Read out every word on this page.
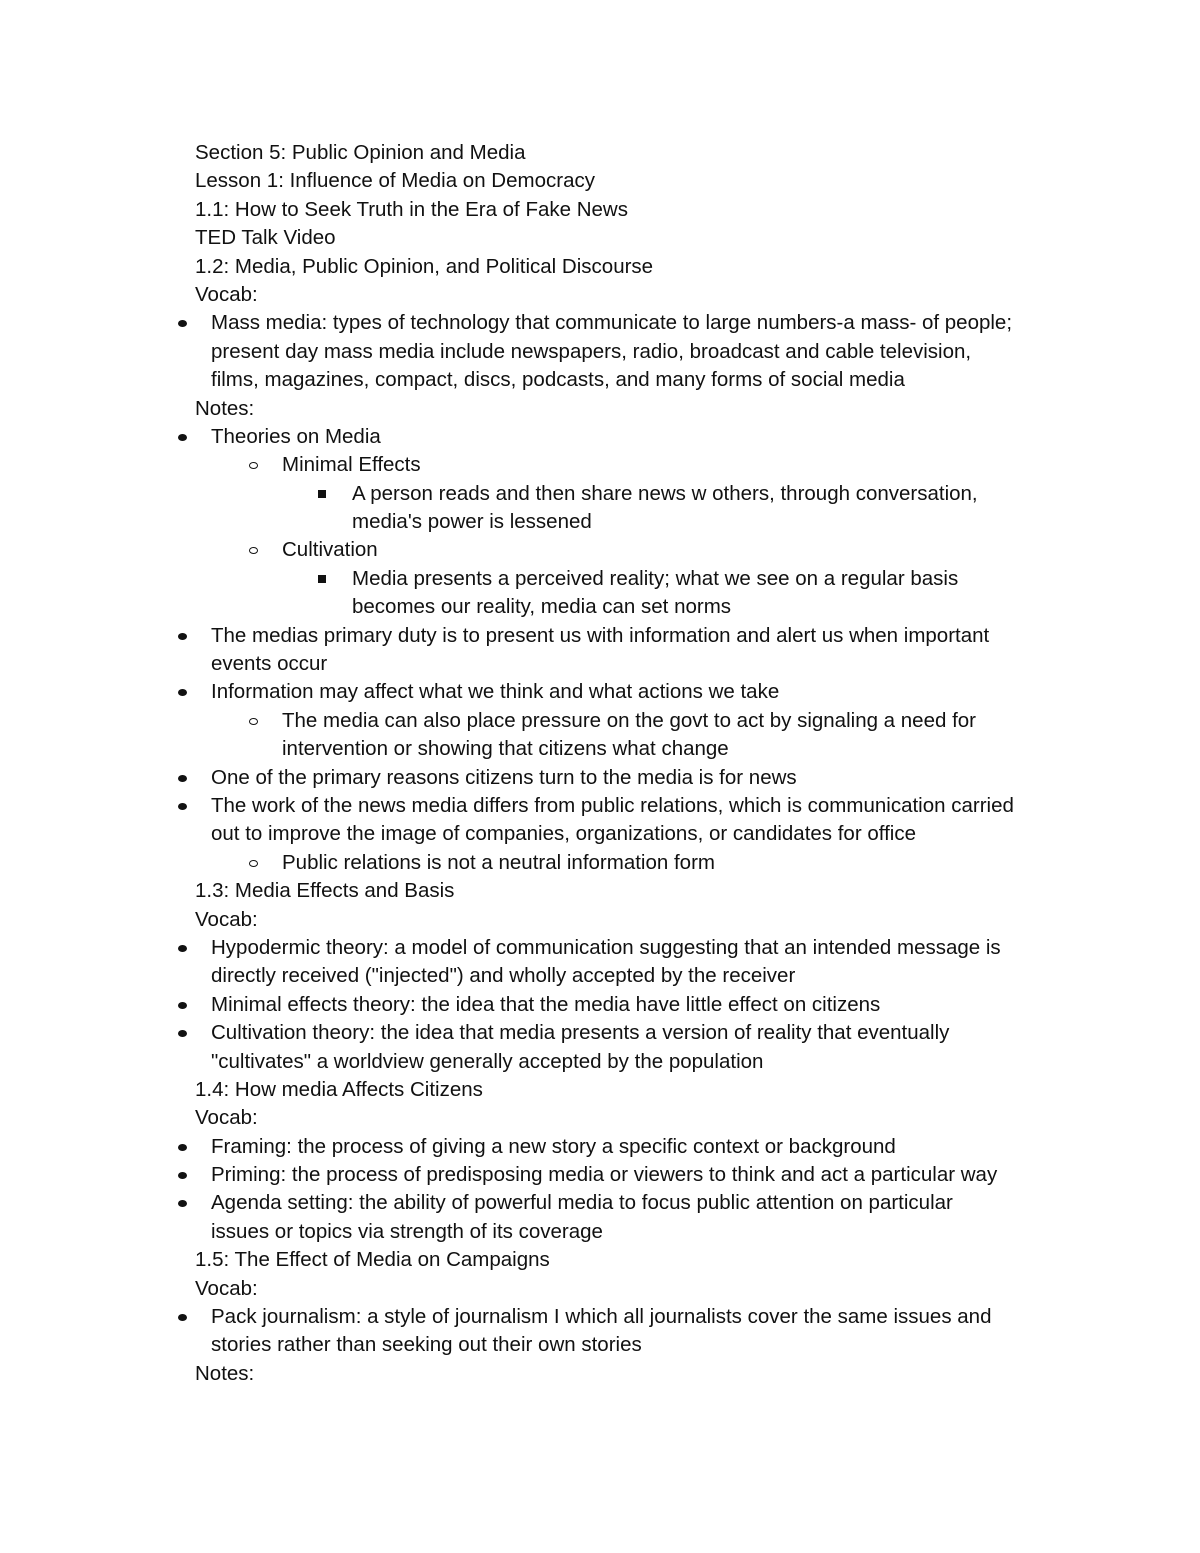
Section 5: Public Opinion and Media
Lesson 1: Influence of Media on Democracy
1.1: How to Seek Truth in the Era of Fake News
TED Talk Video
1.2: Media, Public Opinion, and Political Discourse
Vocab:
Mass media: types of technology that communicate to large numbers-a mass- of people;
present day mass media include newspapers, radio, broadcast and cable television,
films, magazines, compact, discs, podcasts, and many forms of social media
Notes:
Theories on Media
Minimal Effects
A person reads and then share news w others, through conversation,
media's power is lessened
Cultivation
Media presents a perceived reality; what we see on a regular basis
becomes our reality, media can set norms
The medias primary duty is to present us with information and alert us when important
events occur
Information may affect what we think and what actions we take
The media can also place pressure on the govt to act by signaling a need for
intervention or showing that citizens what change
One of the primary reasons citizens turn to the media is for news
The work of the news media differs from public relations, which is communication carried
out to improve the image of companies, organizations, or candidates for office
Public relations is not a neutral information form
1.3: Media Effects and Basis
Vocab:
Hypodermic theory: a model of communication suggesting that an intended message is
directly received ("injected") and wholly accepted by the receiver
Minimal effects theory: the idea that the media have little effect on citizens
Cultivation theory: the idea that media presents a version of reality that eventually
"cultivates" a worldview generally accepted by the population
1.4: How media Affects Citizens
Vocab:
Framing: the process of giving a new story a specific context or background
Priming: the process of predisposing media or viewers to think and act a particular way
Agenda setting: the ability of powerful media to focus public attention on particular
issues or topics via strength of its coverage
1.5: The Effect of Media on Campaigns
Vocab:
Pack journalism: a style of journalism I which all journalists cover the same issues and
stories rather than seeking out their own stories
Notes:
